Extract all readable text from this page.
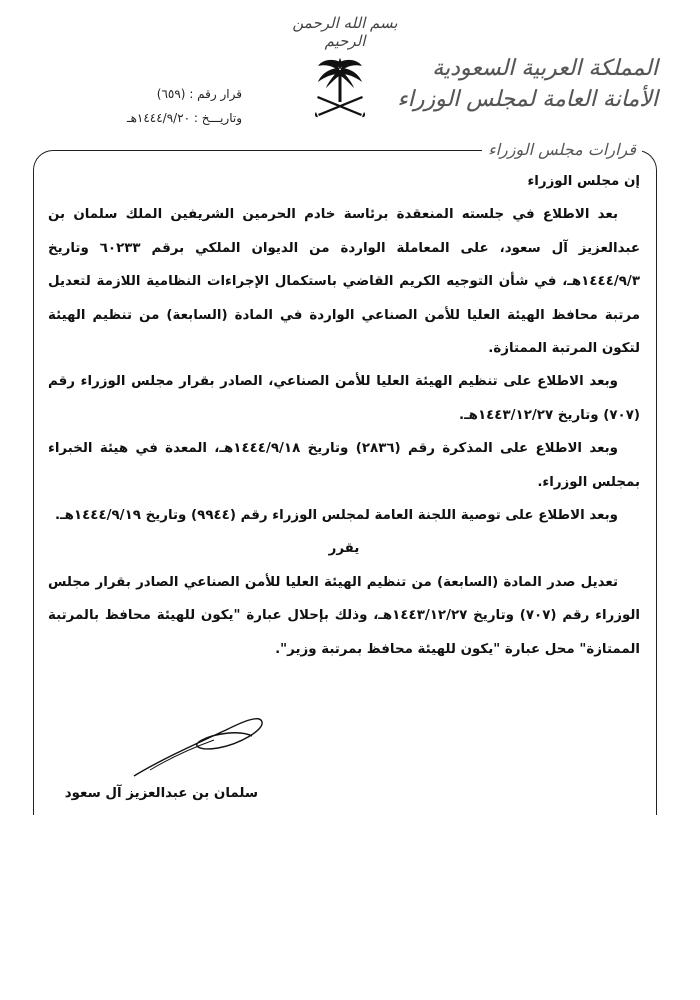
بسم الله الرحمن الرحيم
المملكة العربية السعودية
الأمانة العامة لمجلس الوزراء
قرار رقم : (٦٥٩)
وتاريـــخ : ١٤٤٤/٩/٢٠هـ
قرارات مجلس الوزراء

إن مجلس الوزراء

بعد الاطلاع في جلسته المنعقدة برئاسة خادم الحرمين الشريفين الملك سلمان بن عبدالعزيز آل سعود، على المعاملة الواردة من الديوان الملكي برقم ٦٠٢٣٣ وتاريخ ١٤٤٤/٩/٣هـ، في شأن التوجيه الكريم القاضي باستكمال الإجراءات النظامية اللازمة لتعديل مرتبة محافظ الهيئة العليا للأمن الصناعي الواردة في المادة (السابعة) من تنظيم الهيئة لتكون المرتبة الممتازة.

وبعد الاطلاع على تنظيم الهيئة العليا للأمن الصناعي، الصادر بقرار مجلس الوزراء رقم (٧٠٧) وتاريخ ١٤٤٣/١٢/٢٧هـ.

وبعد الاطلاع على المذكرة رقم (٢٨٣٦) وتاريخ ١٤٤٤/٩/١٨هـ، المعدة في هيئة الخبراء بمجلس الوزراء.

وبعد الاطلاع على توصية اللجنة العامة لمجلس الوزراء رقم (٩٩٤٤) وتاريخ ١٤٤٤/٩/١٩هـ.

يقرر

تعديل صدر المادة (السابعة) من تنظيم الهيئة العليا للأمن الصناعي الصادر بقرار مجلس الوزراء رقم (٧٠٧) وتاريخ ١٤٤٣/١٢/٢٧هـ، وذلك بإحلال عبارة "يكون للهيئة محافظ بالمرتبة الممتازة" محل عبارة "يكون للهيئة محافظ بمرتبة وزير".

سلمان بن عبدالعزيز آل سعود
